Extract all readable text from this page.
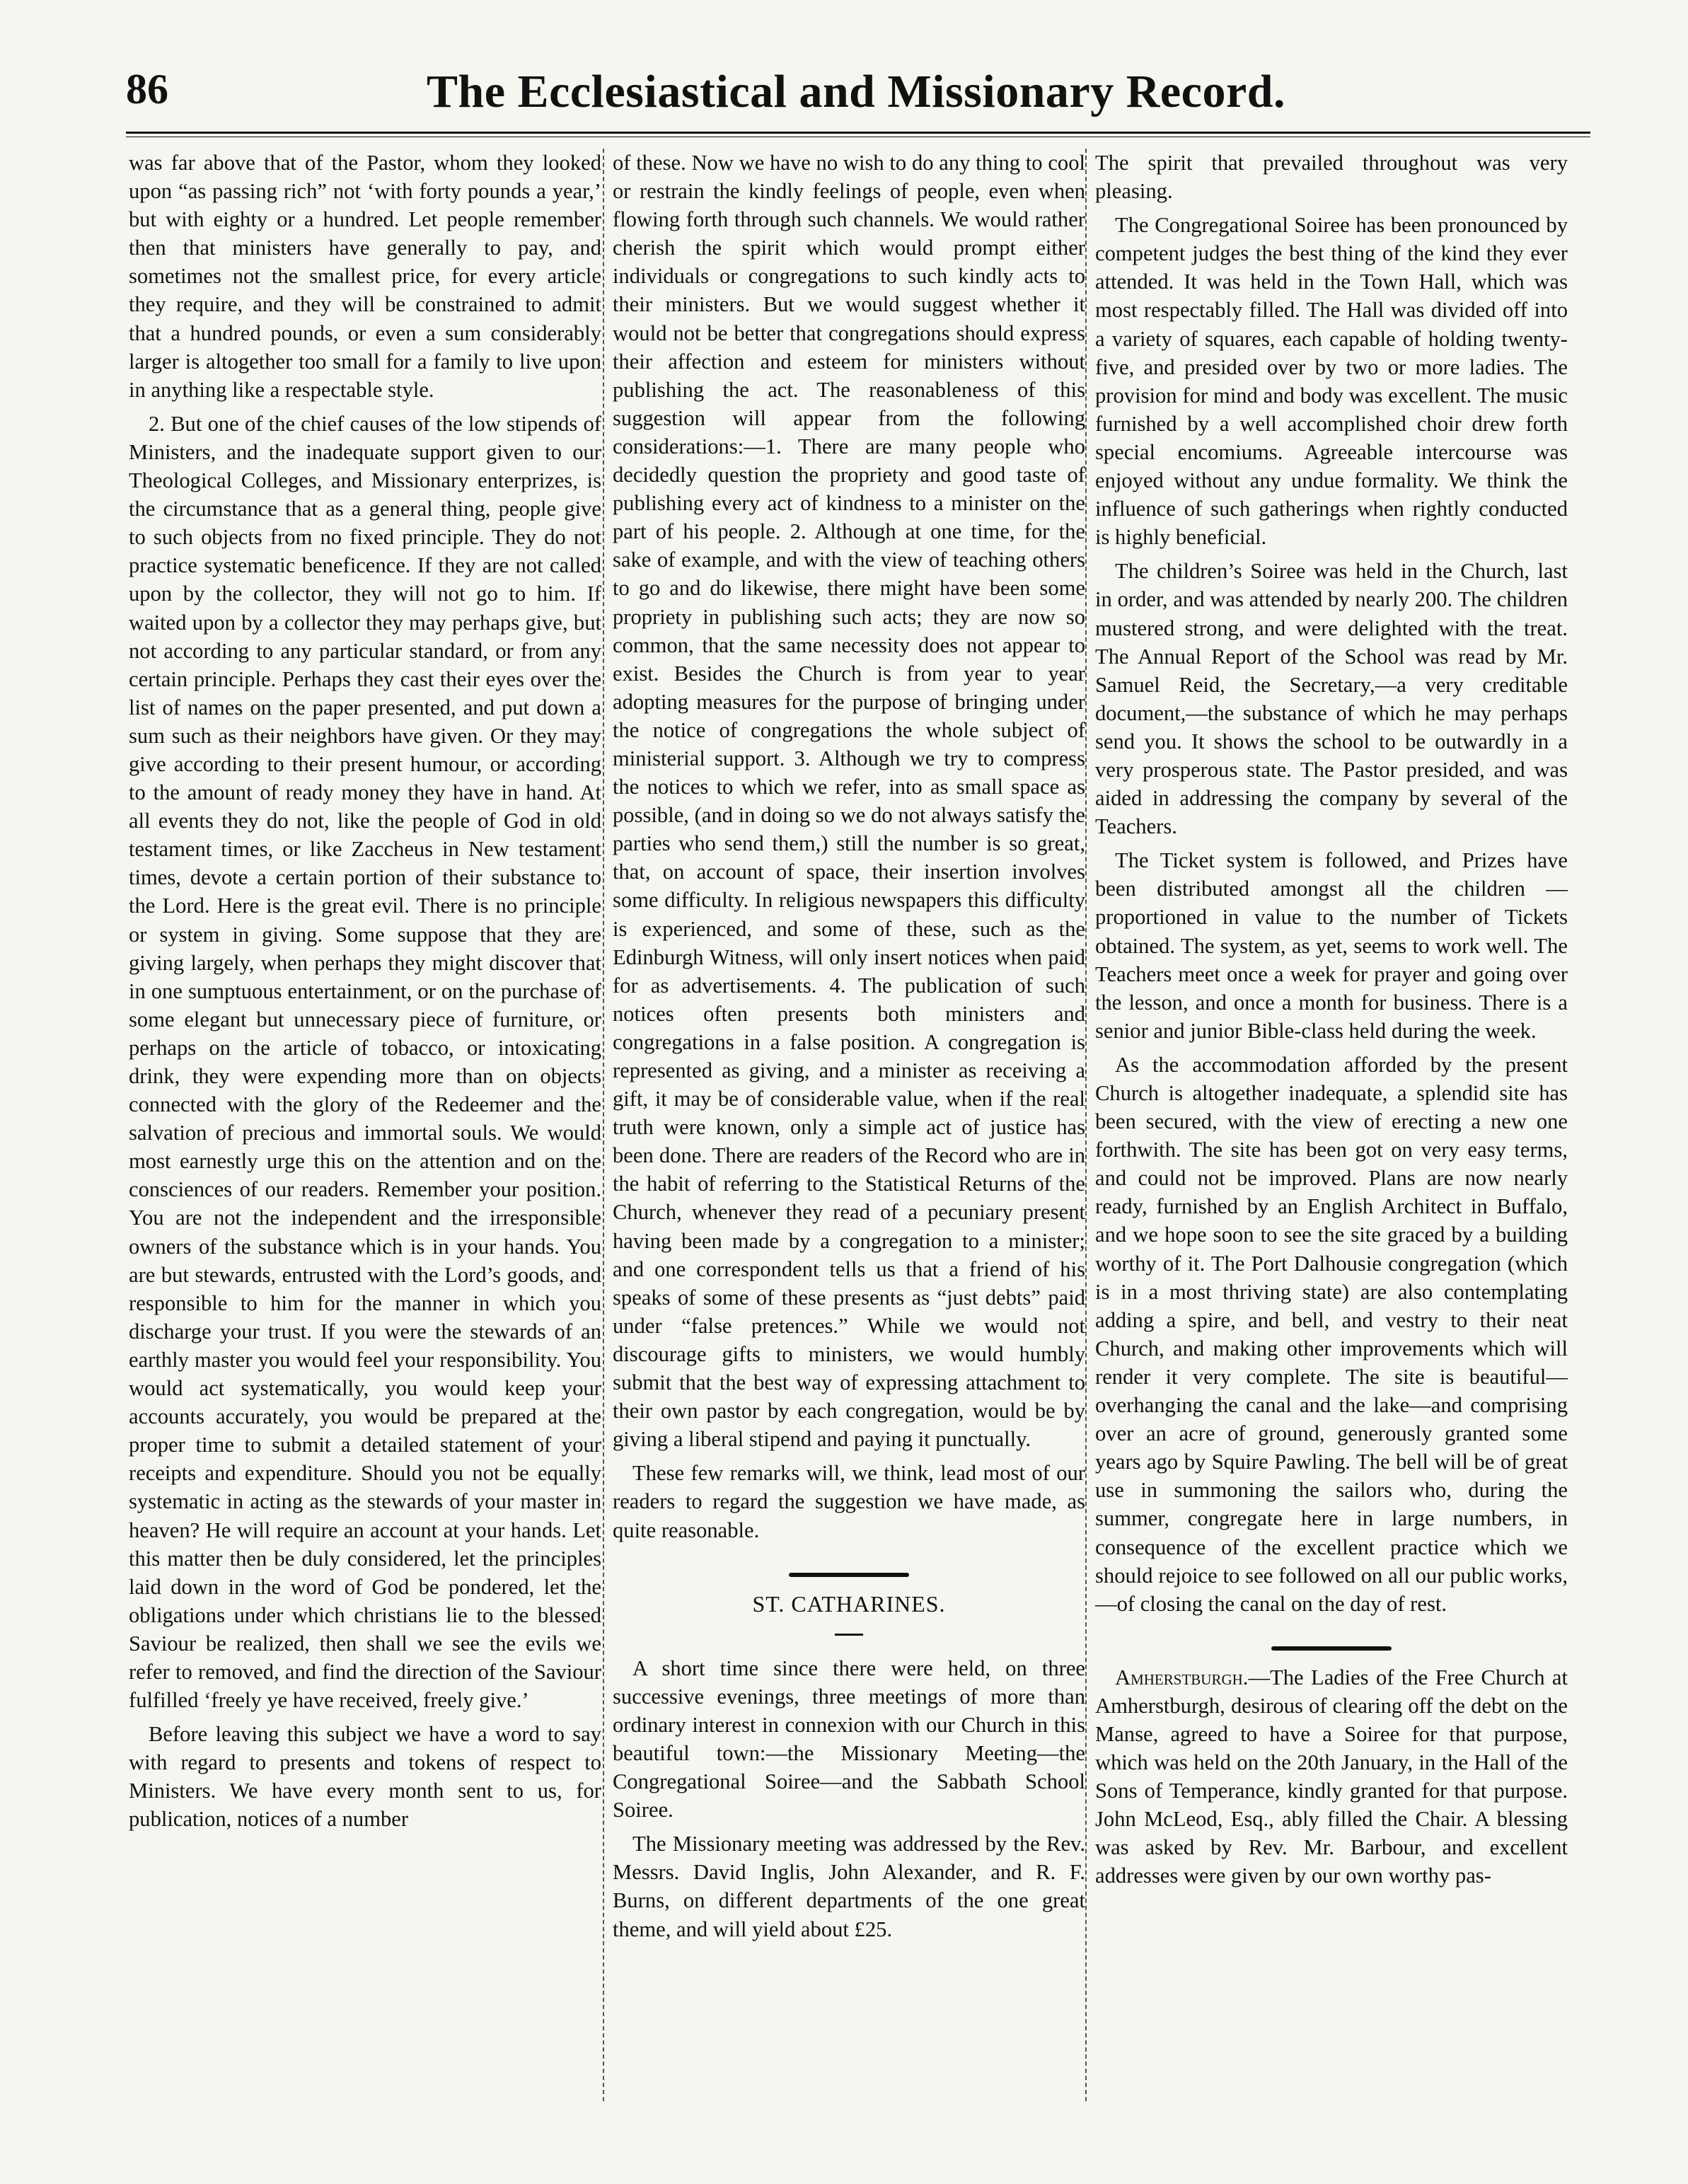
86	The Ecclesiastical and Missionary Record.

was far above that of the Pastor, whom they looked upon “as passing rich” not ‘with forty pounds a year,’ but with eighty or a hundred. Let people remember then that ministers have generally to pay, and sometimes not the smallest price, for every article they require, and they will be constrained to admit that a hundred pounds, or even a sum considerably larger is altogether too small for a family to live upon in anything like a respectable style.

2. But one of the chief causes of the low stipends of Ministers, and the inadequate support given to our Theological Colleges, and Missionary enterprizes, is the circumstance that as a general thing, people give to such objects from no fixed principle. They do not practice systematic beneficence. If they are not called upon by the collector, they will not go to him. If waited upon by a collector they may perhaps give, but not according to any particular standard, or from any certain principle. Perhaps they cast their eyes over the list of names on the paper presented, and put down a sum such as their neighbors have given. Or they may give according to their present humour, or according to the amount of ready money they have in hand. At all events they do not, like the people of God in old testament times, or like Zaccheus in New testament times, devote a certain portion of their substance to the Lord. Here is the great evil. There is no principle or system in giving. Some suppose that they are giving largely, when perhaps they might discover that in one sumptuous entertainment, or on the purchase of some elegant but unnecessary piece of furniture, or perhaps on the article of tobacco, or intoxicating drink, they were expending more than on objects connected with the glory of the Redeemer and the salvation of precious and immortal souls. We would most earnestly urge this on the attention and on the consciences of our readers. Remember your position. You are not the independent and the irresponsible owners of the substance which is in your hands. You are but stewards, entrusted with the Lord’s goods, and responsible to him for the manner in which you discharge your trust. If you were the stewards of an earthly master you would feel your responsibility. You would act systematically, you would keep your accounts accurately, you would be prepared at the proper time to submit a detailed statement of your receipts and expenditure. Should you not be equally systematic in acting as the stewards of your master in heaven? He will require an account at your hands. Let this matter then be duly considered, let the principles laid down in the word of God be pondered, let the obligations under which christians lie to the blessed Saviour be realized, then shall we see the evils we refer to removed, and find the direction of the Saviour fulfilled ‘freely ye have received, freely give.’

Before leaving this subject we have a word to say with regard to presents and tokens of respect to Ministers. We have every month sent to us, for publication, notices of a number

of these. Now we have no wish to do any thing to cool or restrain the kindly feelings of people, even when flowing forth through such channels. We would rather cherish the spirit which would prompt either individuals or congregations to such kindly acts to their ministers. But we would suggest whether it would not be better that congregations should express their affection and esteem for ministers without publishing the act. The reasonableness of this suggestion will appear from the following considerations:—1. There are many people who decidedly question the propriety and good taste of publishing every act of kindness to a minister on the part of his people. 2. Although at one time, for the sake of example, and with the view of teaching others to go and do likewise, there might have been some propriety in publishing such acts; they are now so common, that the same necessity does not appear to exist. Besides the Church is from year to year adopting measures for the purpose of bringing under the notice of congregations the whole subject of ministerial support. 3. Although we try to compress the notices to which we refer, into as small space as possible, (and in doing so we do not always satisfy the parties who send them,) still the number is so great, that, on account of space, their insertion involves some difficulty. In religious newspapers this difficulty is experienced, and some of these, such as the Edinburgh Witness, will only insert notices when paid for as advertisements. 4. The publication of such notices often presents both ministers and congregations in a false position. A congregation is represented as giving, and a minister as receiving a gift, it may be of considerable value, when if the real truth were known, only a simple act of justice has been done. There are readers of the Record who are in the habit of referring to the Statistical Returns of the Church, whenever they read of a pecuniary present having been made by a congregation to a minister; and one correspondent tells us that a friend of his speaks of some of these presents as “just debts” paid under “false pretences.” While we would not discourage gifts to ministers, we would humbly submit that the best way of expressing attachment to their own pastor by each congregation, would be by giving a liberal stipend and paying it punctually.

These few remarks will, we think, lead most of our readers to regard the suggestion we have made, as quite reasonable.

ST. CATHARINES.

A short time since there were held, on three successive evenings, three meetings of more than ordinary interest in connexion with our Church in this beautiful town:—the Missionary Meeting—the Congregational Soiree—and the Sabbath School Soiree.

The Missionary meeting was addressed by the Rev. Messrs. David Inglis, John Alexander, and R. F. Burns, on different departments of the one great theme, and will yield about £25.

The spirit that prevailed throughout was very pleasing.

The Congregational Soiree has been pronounced by competent judges the best thing of the kind they ever attended. It was held in the Town Hall, which was most respectably filled. The Hall was divided off into a variety of squares, each capable of holding twenty-five, and presided over by two or more ladies. The provision for mind and body was excellent. The music furnished by a well accomplished choir drew forth special encomiums. Agreeable intercourse was enjoyed without any undue formality. We think the influence of such gatherings when rightly conducted is highly beneficial.

The children’s Soiree was held in the Church, last in order, and was attended by nearly 200. The children mustered strong, and were delighted with the treat. The Annual Report of the School was read by Mr. Samuel Reid, the Secretary,—a very creditable document,—the substance of which he may perhaps send you. It shows the school to be outwardly in a very prosperous state. The Pastor presided, and was aided in addressing the company by several of the Teachers.

The Ticket system is followed, and Prizes have been distributed amongst all the children —proportioned in value to the number of Tickets obtained. The system, as yet, seems to work well. The Teachers meet once a week for prayer and going over the lesson, and once a month for business. There is a senior and junior Bible-class held during the week.

As the accommodation afforded by the present Church is altogether inadequate, a splendid site has been secured, with the view of erecting a new one forthwith. The site has been got on very easy terms, and could not be improved. Plans are now nearly ready, furnished by an English Architect in Buffalo, and we hope soon to see the site graced by a building worthy of it. The Port Dalhousie congregation (which is in a most thriving state) are also contemplating adding a spire, and bell, and vestry to their neat Church, and making other improvements which will render it very complete. The site is beautiful—overhanging the canal and the lake—and comprising over an acre of ground, generously granted some years ago by Squire Pawling. The bell will be of great use in summoning the sailors who, during the summer, congregate here in large numbers, in consequence of the excellent practice which we should rejoice to see followed on all our public works,—of closing the canal on the day of rest.

Amherstburgh.—The Ladies of the Free Church at Amherstburgh, desirous of clearing off the debt on the Manse, agreed to have a Soiree for that purpose, which was held on the 20th January, in the Hall of the Sons of Temperance, kindly granted for that purpose. John McLeod, Esq., ably filled the Chair. A blessing was asked by Rev. Mr. Barbour, and excellent addresses were given by our own worthy pas-
